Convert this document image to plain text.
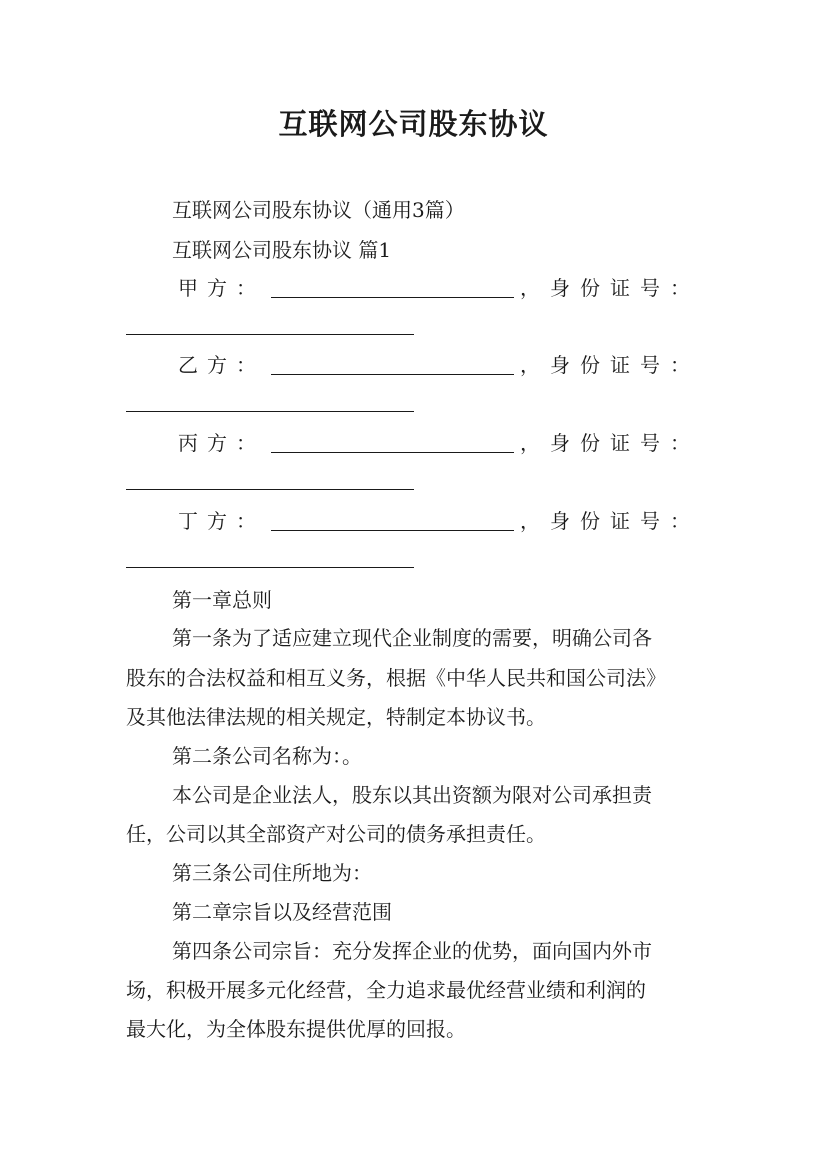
互联网公司股东协议
互联网公司股东协议（通用3篇）
互联网公司股东协议 篇1
甲方：	，身份证号：
乙方：	，身份证号：
丙方：	，身份证号：
丁方：	，身份证号：
第一章总则
第一条为了适应建立现代企业制度的需要，明确公司各
股东的合法权益和相互义务，根据《中华人民共和国公司法》
及其他法律法规的相关规定，特制定本协议书。
第二条公司名称为：。
本公司是企业法人，股东以其出资额为限对公司承担责
任，公司以其全部资产对公司的债务承担责任。
第三条公司住所地为：
第二章宗旨以及经营范围
第四条公司宗旨：充分发挥企业的优势，面向国内外市
场，积极开展多元化经营，全力追求最优经营业绩和利润的
最大化，为全体股东提供优厚的回报。
